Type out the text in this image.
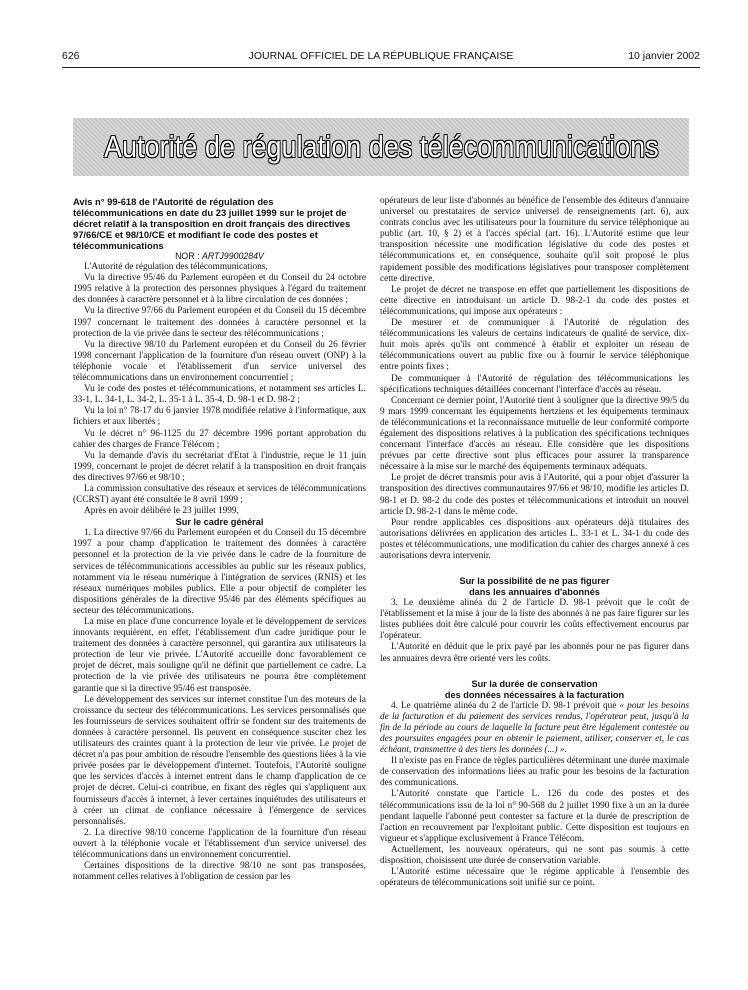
626	JOURNAL OFFICIEL DE LA RÉPUBLIQUE FRANÇAISE	10 janvier 2002
Autorité de régulation des télécommunications

Avis n° 99-618 de l'Autorité de régulation des télécommunications en date du 23 juillet 1999 sur le projet de décret relatif à la transposition en droit français des directives 97/66/CE et 98/10/CE et modifiant le code des postes et télécommunications

NOR : ARTJ9900284V

L'Autorité de régulation des télécommunications,

Vu la directive 95/46 du Parlement européen et du Conseil du 24 octobre 1995 relative à la protection des personnes physiques à l'égard du traitement des données à caractère personnel et à la libre circulation de ces données ;

Vu la directive 97/66 du Parlement européen et du Conseil du 15 décembre 1997 concernant le traitement des données à caractère personnel et la protection de la vie privée dans le secteur des télécommunications ;

Vu la directive 98/10 du Parlement européen et du Conseil du 26 février 1998 concernant l'application de la fourniture d'un réseau ouvert (ONP) à la téléphonie vocale et l'établissement d'un service universel des télécommunications dans un environnement concurrentiel ;

Vu le code des postes et télécommunications, et notamment ses articles L. 33-1, L. 34-1, L. 34-2, L. 35-1 à L. 35-4, D. 98-1 et D. 98-2 ;

Vu la loi n° 78-17 du 6 janvier 1978 modifiée relative à l'informatique, aux fichiers et aux libertés ;

Vu le décret n° 96-1125 du 27 décembre 1996 portant approbation du cahier des charges de France Télécom ;

Vu la demande d'avis du secrétariat d'Etat à l'industrie, reçue le 11 juin 1999, concernant le projet de décret relatif à la transposition en droit français des directives 97/66 et 98/10 ;

La commission consultative des réseaux et services de télécommunications (CCRST) ayant été consultée le 8 avril 1999 ;

Après en avoir délibéré le 23 juillet 1999,

Sur le cadre général

1. La directive 97/66 du Parlement européen et du Conseil du 15 décembre 1997 a pour champ d'application le traitement des données à caractère personnel et la protection de la vie privée dans le cadre de la fourniture de services de télécommunications accessibles au public sur les réseaux publics, notamment via le réseau numérique à l'intégration de services (RNIS) et les réseaux numériques mobiles publics. Elle a pour objectif de compléter les dispositions générales de la directive 95/46 par des éléments spécifiques au secteur des télécommunications.

La mise en place d'une concurrence loyale et le développement de services innovants requièrent, en effet, l'établissement d'un cadre juridique pour le traitement des données à caractère personnel, qui garantira aux utilisateurs la protection de leur vie privée. L'Autorité accueille donc favorablement ce projet de décret, mais souligne qu'il ne définit que partiellement ce cadre. La protection de la vie privée des utilisateurs ne pourra être complètement garantie que si la directive 95/46 est transposée.

Le développement des services sur internet constitue l'un des moteurs de la croissance du secteur des télécommunications. Les services personnalisés que les fournisseurs de services souhaitent offrir se fondent sur des traitements de données à caractère personnel. Ils peuvent en conséquence susciter chez les utilisateurs des craintes quant à la protection de leur vie privée. Le projet de décret n'a pas pour ambition de résoudre l'ensemble des questions liées à la vie privée posées par le développement d'internet. Toutefois, l'Autorité souligne que les services d'accès à internet entrent dans le champ d'application de ce projet de décret. Celui-ci contribue, en fixant des règles qui s'appliquent aux fournisseurs d'accès à internet, à lever certaines inquiétudes des utilisateurs et à créer un climat de confiance nécessaire à l'émergence de services personnalisés.

2. La directive 98/10 concerne l'application de la fourniture d'un réseau ouvert à la téléphonie vocale et l'établissement d'un service universel des télécommunications dans un environnement concurrentiel.

Certaines dispositions de la directive 98/10 ne sont pas transposées, notamment celles relatives à l'obligation de cession par les

opérateurs de leur liste d'abonnés au bénéfice de l'ensemble des éditeurs d'annuaire universel ou prestataires de service universel de renseignements (art. 6), aux contrats conclus avec les utilisateurs pour la fourniture du service téléphonique au public (art. 10, § 2) et à l'accès spécial (art. 16). L'Autorité estime que leur transposition nécessite une modification législative du code des postes et télécommunications et, en conséquence, souhaite qu'il soit proposé le plus rapidement possible des modifications législatives pour transposer complètement cette directive.

Le projet de décret ne transpose en effet que partiellement les dispositions de cette directive en introduisant un article D. 98-2-1 du code des postes et télécommunications, qui impose aux opérateurs :

De mesurer et de communiquer à l'Autorité de régulation des télécommunications les valeurs de certains indicateurs de qualité de service, dix-huit mois après qu'ils ont commencé à établir et exploiter un réseau de télécommunications ouvert au public fixe ou à fournir le service téléphonique entre points fixes ;

De communiquer à l'Autorité de régulation des télécommunications les spécifications techniques détaillées concernant l'interface d'accès au réseau.

Concernant ce dernier point, l'Autorité tient à souligner que la directive 99/5 du 9 mars 1999 concernant les équipements hertziens et les équipements terminaux de télécommunications et la reconnaissance mutuelle de leur conformité comporte également des dispositions relatives à la publication des spécifications techniques concernant l'interface d'accès au réseau. Elle considère que les dispositions prévues par cette directive sont plus efficaces pour assurer la transparence nécessaire à la mise sur le marché des équipements terminaux adéquats.

Le projet de décret transmis pour avis à l'Autorité, qui a pour objet d'assurer la transposition des directives communautaires 97/66 et 98/10, modifie les articles D. 98-1 et D. 98-2 du code des postes et télécommunications et introduit un nouvel article D. 98-2-1 dans le même code.

Pour rendre applicables ces dispositions aux opérateurs déjà titulaires des autorisations délivrées en application des articles L. 33-1 et L. 34-1 du code des postes et télécommunications, une modification du cahier des charges annexé à ces autorisations devra intervenir.

Sur la possibilité de ne pas figurer
dans les annuaires d'abonnés

3. Le deuxième alinéa du 2 de l'article D. 98-1 prévoit que le coût de l'établissement et la mise à jour de la liste des abonnés à ne pas faire figurer sur les listes publiées doit être calculé pour couvrir les coûts effectivement encourus par l'opérateur.

L'Autorité en déduit que le prix payé par les abonnés pour ne pas figurer dans les annuaires devra être orienté vers les coûts.

Sur la durée de conservation
des données nécessaires à la facturation

4. Le quatrième alinéa du 2 de l'article D. 98-1 prévoit que « pour les besoins de la facturation et du paiement des services rendus, l'opérateur peut, jusqu'à la fin de la période au cours de laquelle la facture peut être légalement contestée ou des poursuites engagées pour en obtenir le paiement, utiliser, conserver et, le cas échéant, transmettre à des tiers les données (...) ».

Il n'existe pas en France de règles particulières déterminant une durée maximale de conservation des informations liées au trafic pour les besoins de la facturation des communications.

L'Autorité constate que l'article L. 126 du code des postes et des télécommunications issu de la loi n° 90-568 du 2 juillet 1990 fixe à un an la durée pendant laquelle l'abonné peut contester sa facture et la durée de prescription de l'action en recouvrement par l'exploitant public. Cette disposition est toujours en vigueur et s'applique exclusivement à France Télécom.

Actuellement, les nouveaux opérateurs, qui ne sont pas soumis à cette disposition, choisissent une durée de conservation variable.

L'Autorité estime nécessaire que le régime applicable à l'ensemble des opérateurs de télécommunications soit unifié sur ce point.
